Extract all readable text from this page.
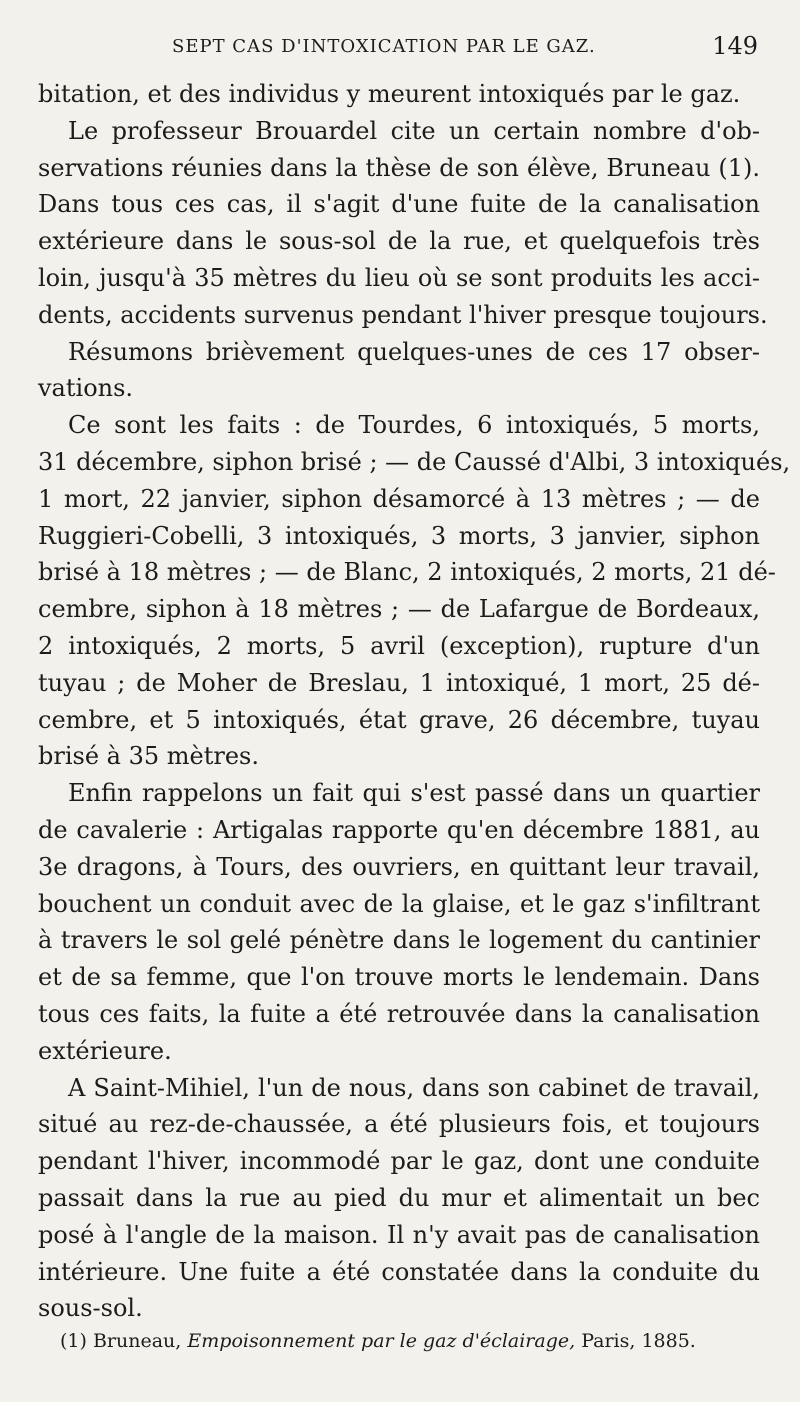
SEPT CAS D'INTOXICATION PAR LE GAZ.	149
bitation, et des individus y meurent intoxiqués par le gaz.
Le professeur Brouardel cite un certain nombre d'ob-
servations réunies dans la thèse de son élève, Bruneau (1).
Dans tous ces cas, il s'agit d'une fuite de la canalisation
extérieure dans le sous-sol de la rue, et quelquefois très
loin, jusqu'à 35 mètres du lieu où se sont produits les acci-
dents, accidents survenus pendant l'hiver presque toujours.
Résumons brièvement quelques-unes de ces 17 obser-
vations.
Ce sont les faits : de Tourdes, 6 intoxiqués, 5 morts,
31 décembre, siphon brisé ; — de Caussé d'Albi, 3 intoxiqués,
1 mort, 22 janvier, siphon désamorcé à 13 mètres ; — de
Ruggieri-Cobelli, 3 intoxiqués, 3 morts, 3 janvier, siphon
brisé à 18 mètres ; — de Blanc, 2 intoxiqués, 2 morts, 21 dé-
cembre, siphon à 18 mètres ; — de Lafargue de Bordeaux,
2 intoxiqués, 2 morts, 5 avril (exception), rupture d'un
tuyau ; de Moher de Breslau, 1 intoxiqué, 1 mort, 25 dé-
cembre, et 5 intoxiqués, état grave, 26 décembre, tuyau
brisé à 35 mètres.
Enfin rappelons un fait qui s'est passé dans un quartier
de cavalerie : Artigalas rapporte qu'en décembre 1881, au
3e dragons, à Tours, des ouvriers, en quittant leur travail,
bouchent un conduit avec de la glaise, et le gaz s'infiltrant
à travers le sol gelé pénètre dans le logement du cantinier
et de sa femme, que l'on trouve morts le lendemain. Dans
tous ces faits, la fuite a été retrouvée dans la canalisation
extérieure.
A Saint-Mihiel, l'un de nous, dans son cabinet de travail,
situé au rez-de-chaussée, a été plusieurs fois, et toujours
pendant l'hiver, incommodé par le gaz, dont une conduite
passait dans la rue au pied du mur et alimentait un bec
posé à l'angle de la maison. Il n'y avait pas de canalisation
intérieure. Une fuite a été constatée dans la conduite du
sous-sol.
(1) Bruneau, Empoisonnement par le gaz d'éclairage, Paris, 1885.
